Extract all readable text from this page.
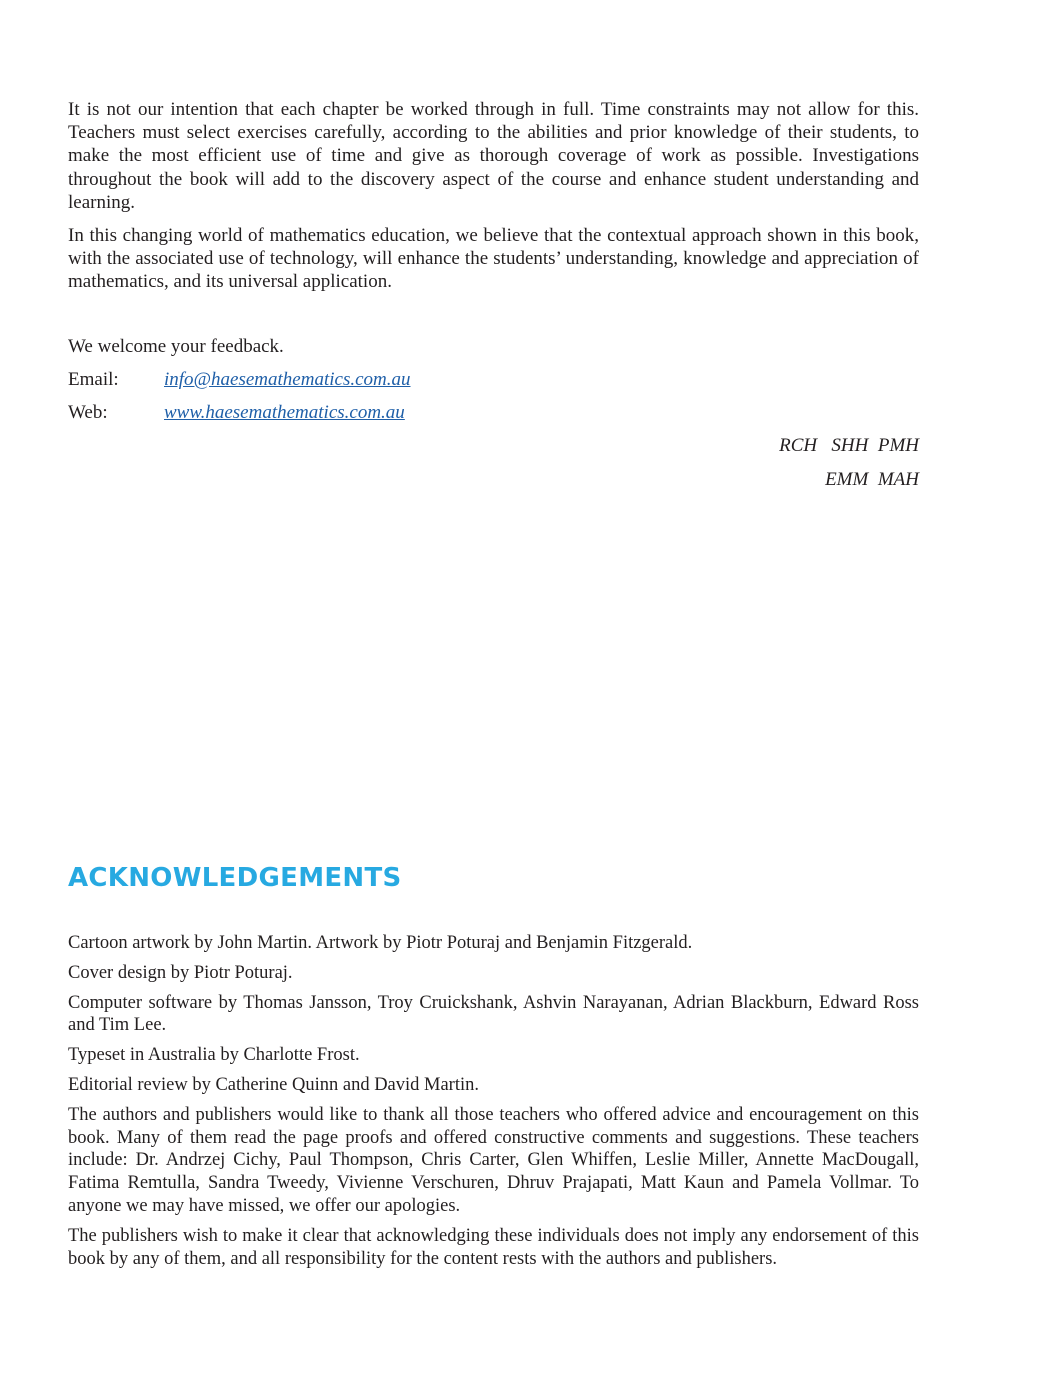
It is not our intention that each chapter be worked through in full. Time constraints may not allow for this. Teachers must select exercises carefully, according to the abilities and prior knowledge of their students, to make the most efficient use of time and give as thorough coverage of work as possible. Investigations throughout the book will add to the discovery aspect of the course and enhance student understanding and learning.

In this changing world of mathematics education, we believe that the contextual approach shown in this book, with the associated use of technology, will enhance the students’ understanding, knowledge and appreciation of mathematics, and its universal application.

We welcome your feedback.
Email:	info@haesemathematics.com.au
Web:	www.haesemathematics.com.au
RCH   SHH  PMH
EMM  MAH
ACKNOWLEDGEMENTS

Cartoon artwork by John Martin. Artwork by Piotr Poturaj and Benjamin Fitzgerald.

Cover design by Piotr Poturaj.

Computer software by Thomas Jansson, Troy Cruickshank, Ashvin Narayanan, Adrian Blackburn, Edward Ross and Tim Lee.

Typeset in Australia by Charlotte Frost.

Editorial review by Catherine Quinn and David Martin.

The authors and publishers would like to thank all those teachers who offered advice and encouragement on this book. Many of them read the page proofs and offered constructive comments and suggestions. These teachers include: Dr. Andrzej Cichy, Paul Thompson, Chris Carter, Glen Whiffen, Leslie Miller, Annette MacDougall, Fatima Remtulla, Sandra Tweedy, Vivienne Verschuren, Dhruv Prajapati, Matt Kaun and Pamela Vollmar. To anyone we may have missed, we offer our apologies.

The publishers wish to make it clear that acknowledging these individuals does not imply any endorsement of this book by any of them, and all responsibility for the content rests with the authors and publishers.
